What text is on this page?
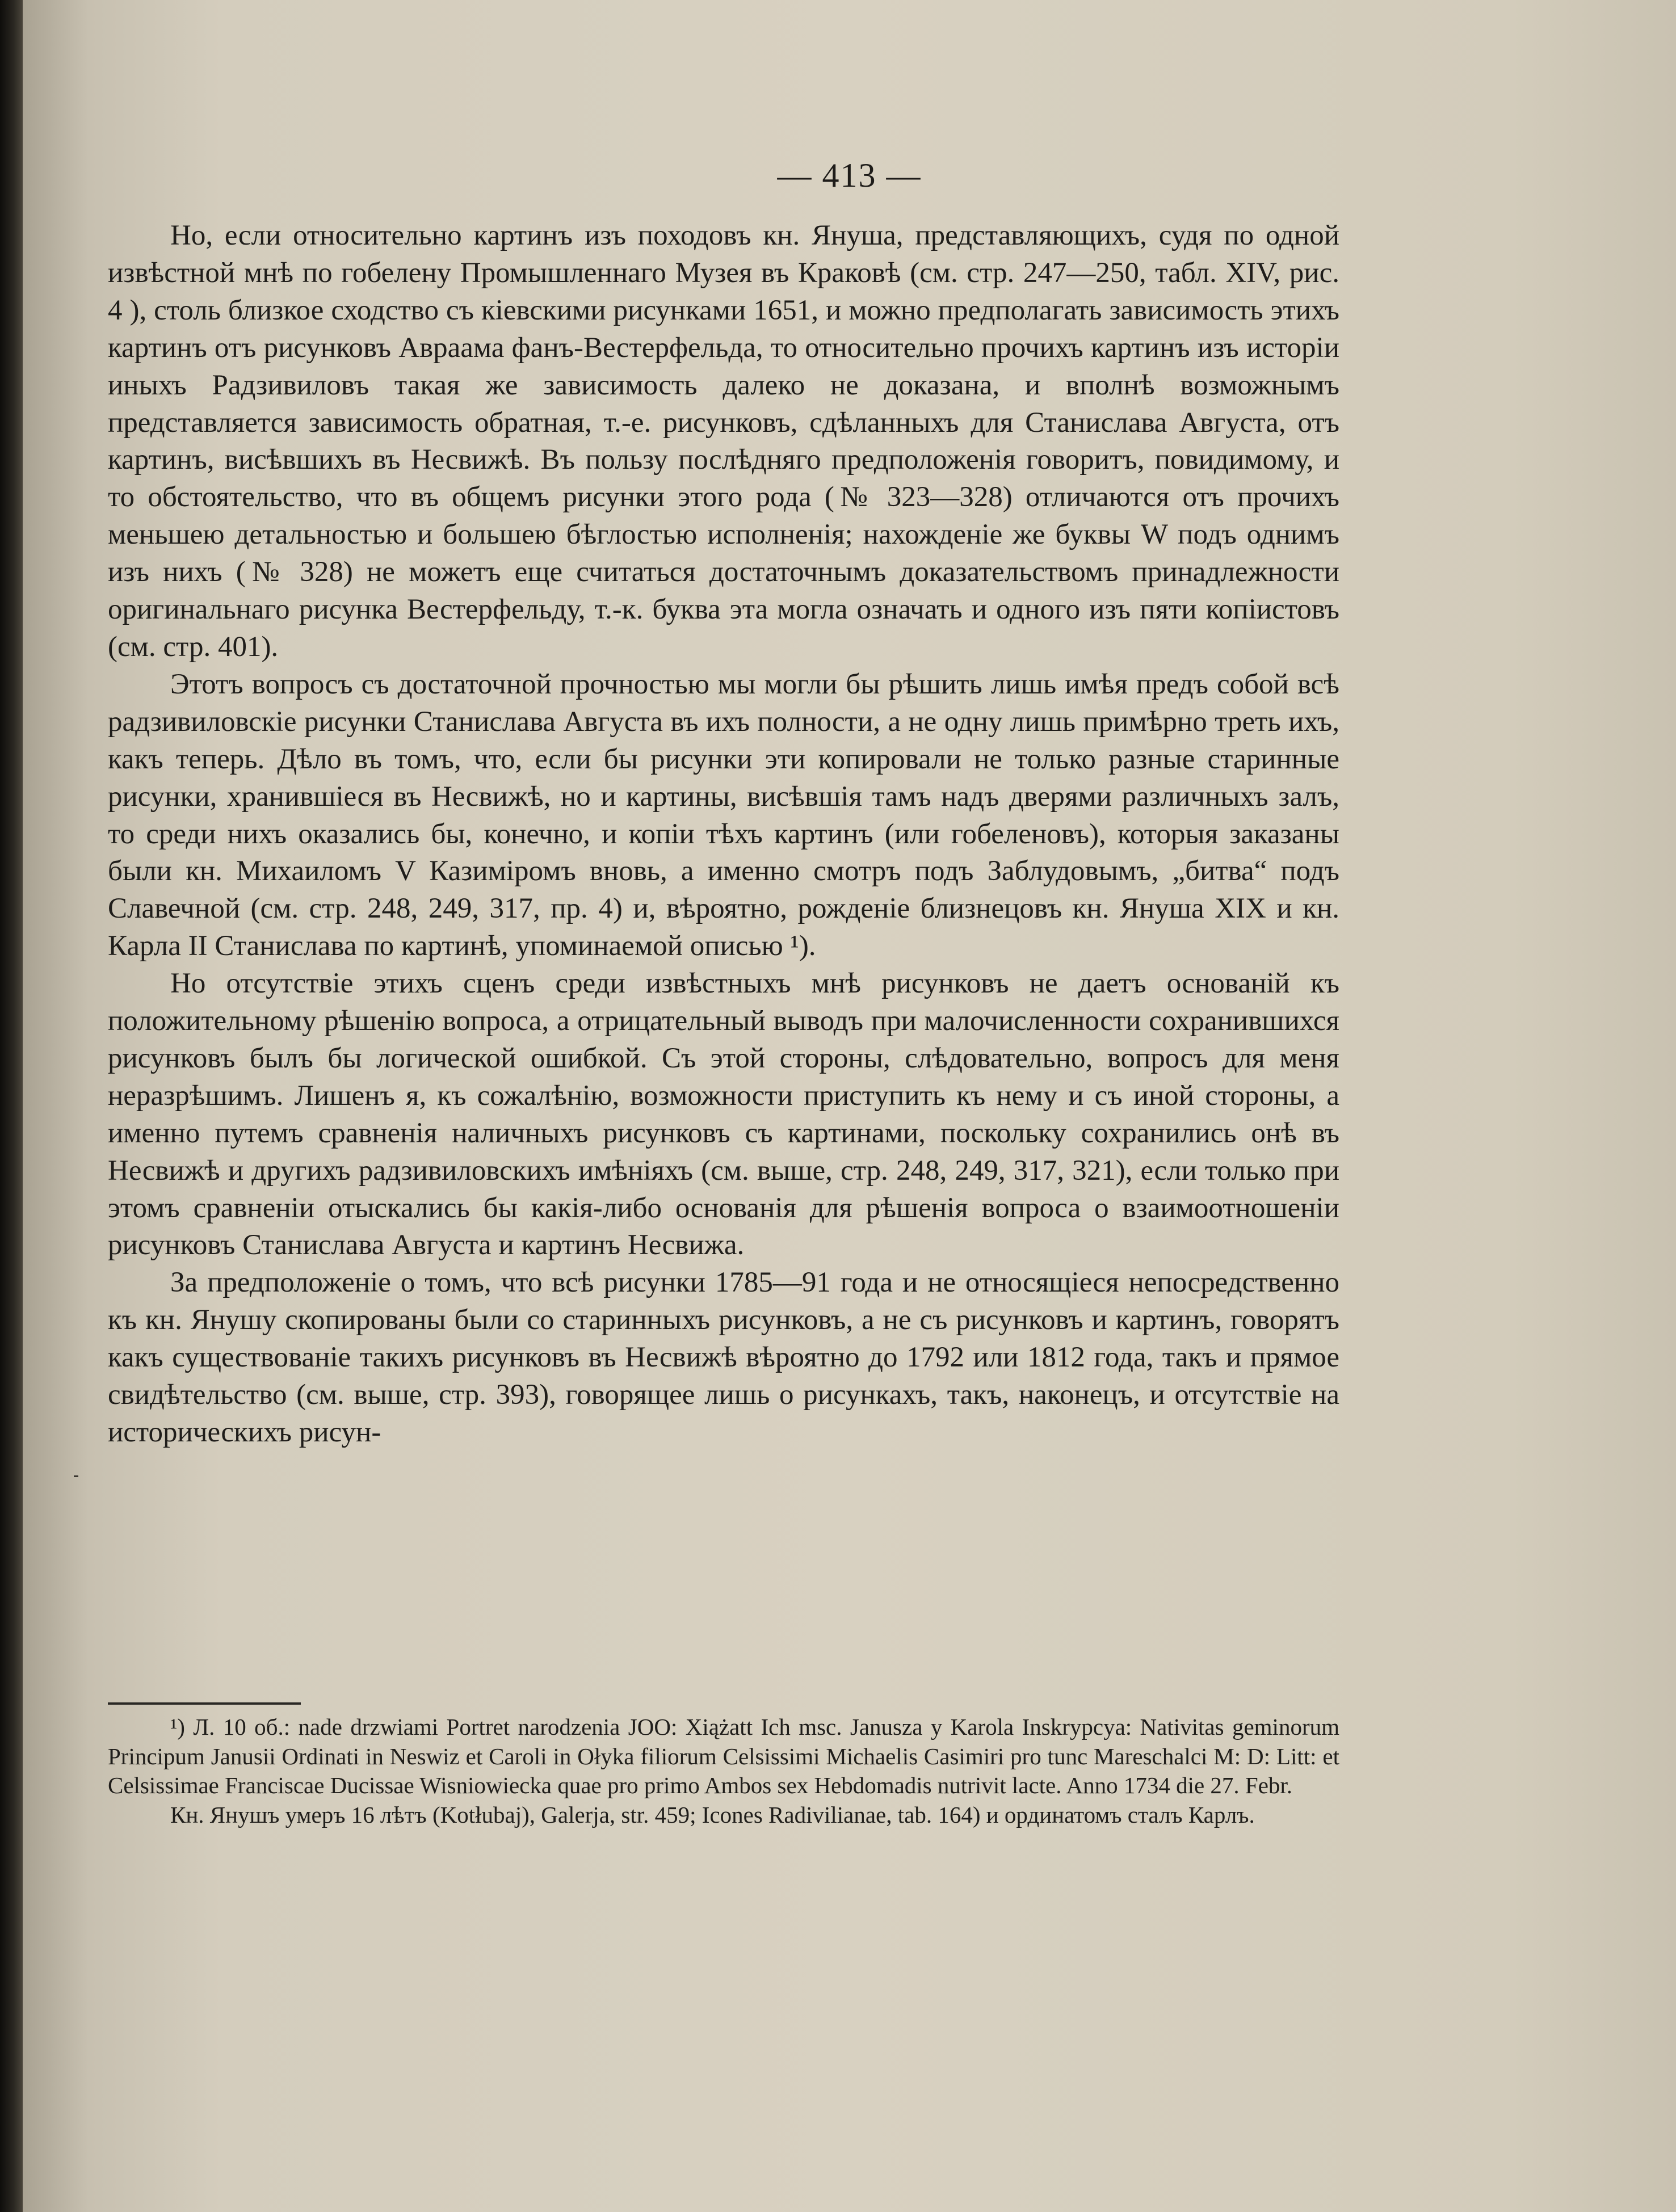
— 413 —

Но, если относительно картинъ изъ походовъ кн. Януша, представляющихъ, судя по одной извѣстной мнѣ по гобелену Промышленнаго Музея въ Краковѣ (см. стр. 247—250, табл. XIV, рис. 4 ), столь близкое сходство съ кіевскими рисунками 1651, и можно предполагать зависимость этихъ картинъ отъ рисунковъ Авраама фанъ-Вестерфельда, то относительно прочихъ картинъ изъ исторіи иныхъ Радзивиловъ такая же зависимость далеко не доказана, и вполнѣ возможнымъ представляется зависимость обратная, т.-е. рисунковъ, сдѣланныхъ для Станислава Августа, отъ картинъ, висѣвшихъ въ Несвижѣ. Въ пользу послѣдняго предположенія говоритъ, повидимому, и то обстоятельство, что въ общемъ рисунки этого рода (№ 323—328) отличаются отъ прочихъ меньшею детальностью и большею бѣглостью исполненія; нахожденіе же буквы W подъ однимъ изъ нихъ (№ 328) не можетъ еще считаться достаточнымъ доказательствомъ принадлежности оригинальнаго рисунка Вестерфельду, т.-к. буква эта могла означать и одного изъ пяти копіистовъ (см. стр. 401).

Этотъ вопросъ съ достаточной прочностью мы могли бы рѣшить лишь имѣя предъ собой всѣ радзивиловскіе рисунки Станислава Августа въ ихъ полности, а не одну лишь примѣрно треть ихъ, какъ теперь. Дѣло въ томъ, что, если бы рисунки эти копировали не только разные старинные рисунки, хранившіеся въ Несвижѣ, но и картины, висѣвшія тамъ надъ дверями различныхъ залъ, то среди нихъ оказались бы, конечно, и копіи тѣхъ картинъ (или гобеленовъ), которыя заказаны были кн. Михаиломъ V Казиміромъ вновь, а именно смотръ подъ Заблудовымъ, „битва“ подъ Славечной (см. стр. 248, 249, 317, пр. 4) и, вѣроятно, рожденіе близнецовъ кн. Януша XIX и кн. Карла II Станислава по картинѣ, упоминаемой описью ¹).

Но отсутствіе этихъ сценъ среди извѣстныхъ мнѣ рисунковъ не даетъ основаній къ положительному рѣшенію вопроса, а отрицательный выводъ при малочисленности сохранившихся рисунковъ былъ бы логической ошибкой. Съ этой стороны, слѣдовательно, вопросъ для меня неразрѣшимъ. Лишенъ я, къ сожалѣнію, возможности приступить къ нему и съ иной стороны, а именно путемъ сравненія наличныхъ рисунковъ съ картинами, поскольку сохранились онѣ въ Несвижѣ и другихъ радзивиловскихъ имѣніяхъ (см. выше, стр. 248, 249, 317, 321), если только при этомъ сравненіи отыскались бы какія-либо основанія для рѣшенія вопроса о взаимоотношеніи рисунковъ Станислава Августа и картинъ Несвижа.

За предположеніе о томъ, что всѣ рисунки 1785—91 года и не относящіеся непосредственно къ кн. Янушу скопированы были со старинныхъ рисунковъ, а не съ рисунковъ и картинъ, говорятъ какъ существованіе такихъ рисунковъ въ Несвижѣ вѣроятно до 1792 или 1812 года, такъ и прямое свидѣтельство (см. выше, стр. 393), говорящее лишь о рисункахъ, такъ, наконецъ, и отсутствіе на историческихъ рисун-

¹) Л. 10 об.: nade drzwiami Portret narodzenia JOO: Xiążatt Ich msc. Janusza y Karola Inskrypcya: Nativitas geminorum Principum Janusii Ordinati in Neswiz et Caroli in Ołyka filiorum Celsissimi Michaelis Casimiri pro tunc Mareschalci M: D: Litt: et Celsissimae Franciscae Ducissae Wisniowiecka quae pro primo Ambos sex Hebdomadis nutrivit lacte. Anno 1734 die 27. Febr.

Кн. Янушъ умеръ 16 лѣтъ (Kotłubaj), Galerja, str. 459; Icones Radivilianae, tab. 164) и ординатомъ сталъ Карлъ.
